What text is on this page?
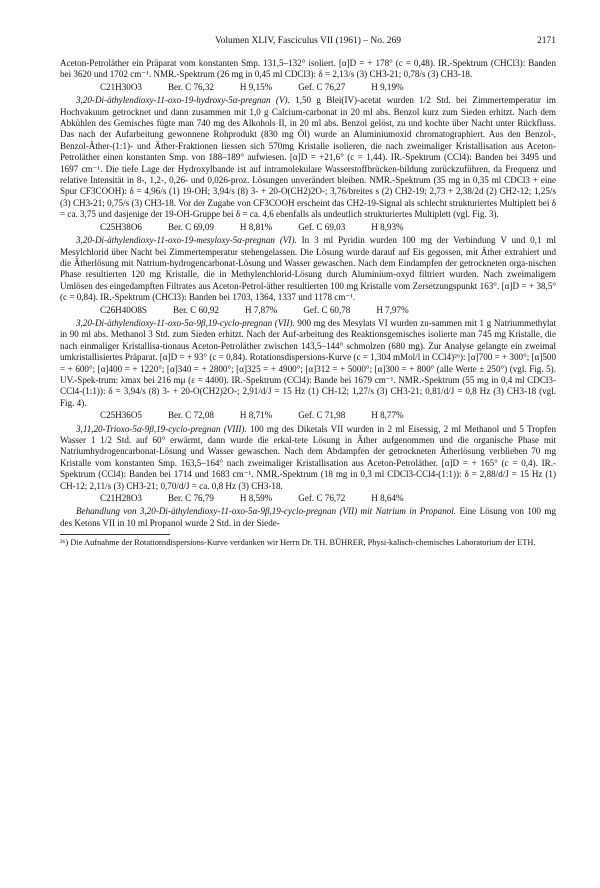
Volumen XLIV, Fasciculus VII (1961) – No. 269	2171

Aceton-Petroläther ein Präparat vom konstanten Smp. 131,5–132° isoliert. [α]D = + 178° (c = 0,48). IR.-Spektrum (CHCl3): Banden bei 3620 und 1702 cm⁻¹. NMR.-Spektrum (26 mg in 0,45 ml CDCl3): δ = 2,13/s (3) CH3-21; 0,78/s (3) CH3-18.

C21H30O3	Ber. C 76,32	H 9,15%	Gef. C 76,27	H 9,19%

3,20-Di-äthylendioxy-11-oxo-19-hydroxy-5α-pregnan (V). 1,50 g Blei(IV)-acetat wurden 1/2 Std. bei Zimmertemperatur im Hochvakuum getrocknet und dann zusammen mit 1,0 g Calcium-carbonat in 20 ml abs. Benzol kurz zum Sieden erhitzt. Nach dem Abkühlen des Gemisches fügte man 740 mg des Alkohols II, in 20 ml abs. Benzol gelöst, zu und kochte über Nacht unter Rückfluss. Das nach der Aufarbeitung gewonnene Rohprodukt (830 mg Öl) wurde an Aluminiumoxid chromatographiert. Aus den Benzol-, Benzol-Äther-(1:1)- und Äther-Fraktionen liessen sich 570mg Kristalle isolieren, die nach zweimaliger Kristallisation aus Aceton-Petroläther einen konstanten Smp. von 188–189° aufwiesen. [α]D = +21,6° (c = 1,44). IR.-Spektrum (CCl4): Banden bei 3495 und 1697 cm⁻¹. Die tiefe Lage der Hydroxylbande ist auf intramolekulare Wasserstoffbrücken-bildung zurückzuführen, da Frequenz und relative Intensität in 8-, 1,2-, 0,26- und 0,026-proz. Lösungen unverändert bleiben. NMR.-Spektrum (35 mg in 0,35 ml CDCl3 + eine Spur CF3COOH): δ = 4,96/s (1) 19-OH; 3,94/s (8) 3- + 20-O(CH2)2O-; 3,76/breites s (2) CH2-19; 2,73 + 2,38/2d (2) CH2-12; 1,25/s (3) CH3-21; 0,75/s (3) CH3-18. Vor der Zugabe von CF3COOH erscheint das CH2-19-Signal als schlecht strukturiertes Multiplett bei δ = ca. 3,75 und dasjenige der 19-OH-Gruppe bei δ = ca. 4,6 ebenfalls als undeutlich strukturiertes Multiplett (vgl. Fig. 3).

C25H38O6	Ber. C 69,09	H 8,81%	Gef. C 69,03	H 8,93%

3,20-Di-äthylendioxy-11-oxo-19-mesyloxy-5α-pregnan (VI). In 3 ml Pyridin wurden 100 mg der Verbindung V und 0,1 ml Mesylchlorid über Nacht bei Zimmertemperatur stehengelassen. Die Lösung wurde darauf auf Eis gegossen, mit Äther extrahiert und die Ätherlösung mit Natrium-hydrogencarbonat-Lösung und Wasser gewaschen. Nach dem Eindampfen der getrockneten orga-nischen Phase resultierten 120 mg Kristalle, die in Methylenchlorid-Lösung durch Aluminium-oxyd filtriert wurden. Nach zweimaligem Umlösen des eingedampften Filtrates aus Aceton-Petrol-äther resultierten 100 mg Kristalle vom Zersetzungspunkt 163°. [α]D = + 38,5° (c = 0,84). IR.-Spektrum (CHCl3): Banden bei 1703, 1364, 1337 und 1178 cm⁻¹.

C26H40O8S	Ber. C 60,92	H 7,87%	Gef. C 60,78	H 7,97%

3,20-Di-äthylendioxy-11-oxo-5α-9β,19-cyclo-pregnan (VII). 900 mg des Mesylats VI wurden zu-sammen mit 1 g Natriummethylat in 90 ml abs. Methanol 3 Std. zum Sieden erhitzt. Nach der Auf-arbeitung des Reaktionsgemisches isolierte man 745 mg Kristalle, die nach einmaliger Kristallisa-tionaus Aceton-Petroläther zwischen 143,5–144° schmolzen (680 mg). Zur Analyse gelangte ein zweimal umkristallisiertes Präparat. [α]D = + 93° (c = 0,84). Rotationsdispersions-Kurve (c = 1,304 mMol/l in CCl4)²⁶): [α]700 = + 300°; [α]500 = + 600°; [α]400 = + 1220°; [α]340 = + 2800°; [α]325 = + 4900°; [α]312 = + 5000°; [α]300 = + 800° (alle Werte ± 250°) (vgl. Fig. 5). UV.-Spek-trum: λmax bei 216 mμ (ε = 4400). IR.-Spektrum (CCl4): Bande bei 1679 cm⁻¹. NMR.-Spektrum (55 mg in 0,4 ml CDCl3-CCl4-(1:1)): δ = 3,94/s (8) 3- + 20-O(CH2)2O-; 2,91/d/J = 15 Hz (1) CH-12; 1,27/s (3) CH3-21; 0,81/d/J = 0,8 Hz (3) CH3-18 (vgl. Fig. 4).

C25H36O5	Ber. C 72,08	H 8,71%	Gef. C 71,98	H 8,77%

3,11,20-Trioxo-5α-9β,19-cyclo-pregnan (VIII). 100 mg des Diketals VII wurden in 2 ml Eisessig, 2 ml Methanol und 5 Tropfen Wasser 1 1/2 Std. auf 60° erwärmt, dann wurde die erkal-tete Lösung in Äther aufgenommen und die organische Phase mit Natriumhydrogencarbonat-Lösung und Wasser gewaschen. Nach dem Abdampfen der getrockneten Ätherlösung verblieben 70 mg Kristalle vom konstanten Smp. 163,5–164° nach zweimaliger Kristallisation aus Aceton-Petroläther. [α]D = + 165° (c = 0,4). IR.-Spektrum (CCl4): Banden bei 1714 und 1683 cm⁻¹. NMR.-Spektrum (18 mg in 0,3 ml CDCl3-CCl4-(1:1)): δ = 2,88/d/J = 15 Hz (1) CH-12; 2,11/s (3) CH3-21; 0,70/d/J = ca. 0,8 Hz (3) CH3-18.

C21H28O3	Ber. C 76,79	H 8,59%	Gef. C 76,72	H 8,64%

Behandlung von 3,20-Di-äthylendioxy-11-oxo-5α-9β,19-cyclo-pregnan (VII) mit Natrium in Propanol. Eine Lösung von 100 mg des Ketons VII in 10 ml Propanol wurde 2 Std. in der Siede-

²⁶) Die Aufnahme der Rotationsdispersions-Kurve verdanken wir Herrn Dr. TH. BÜHRER, Physi-kalisch-chemisches Laboratorium der ETH.
